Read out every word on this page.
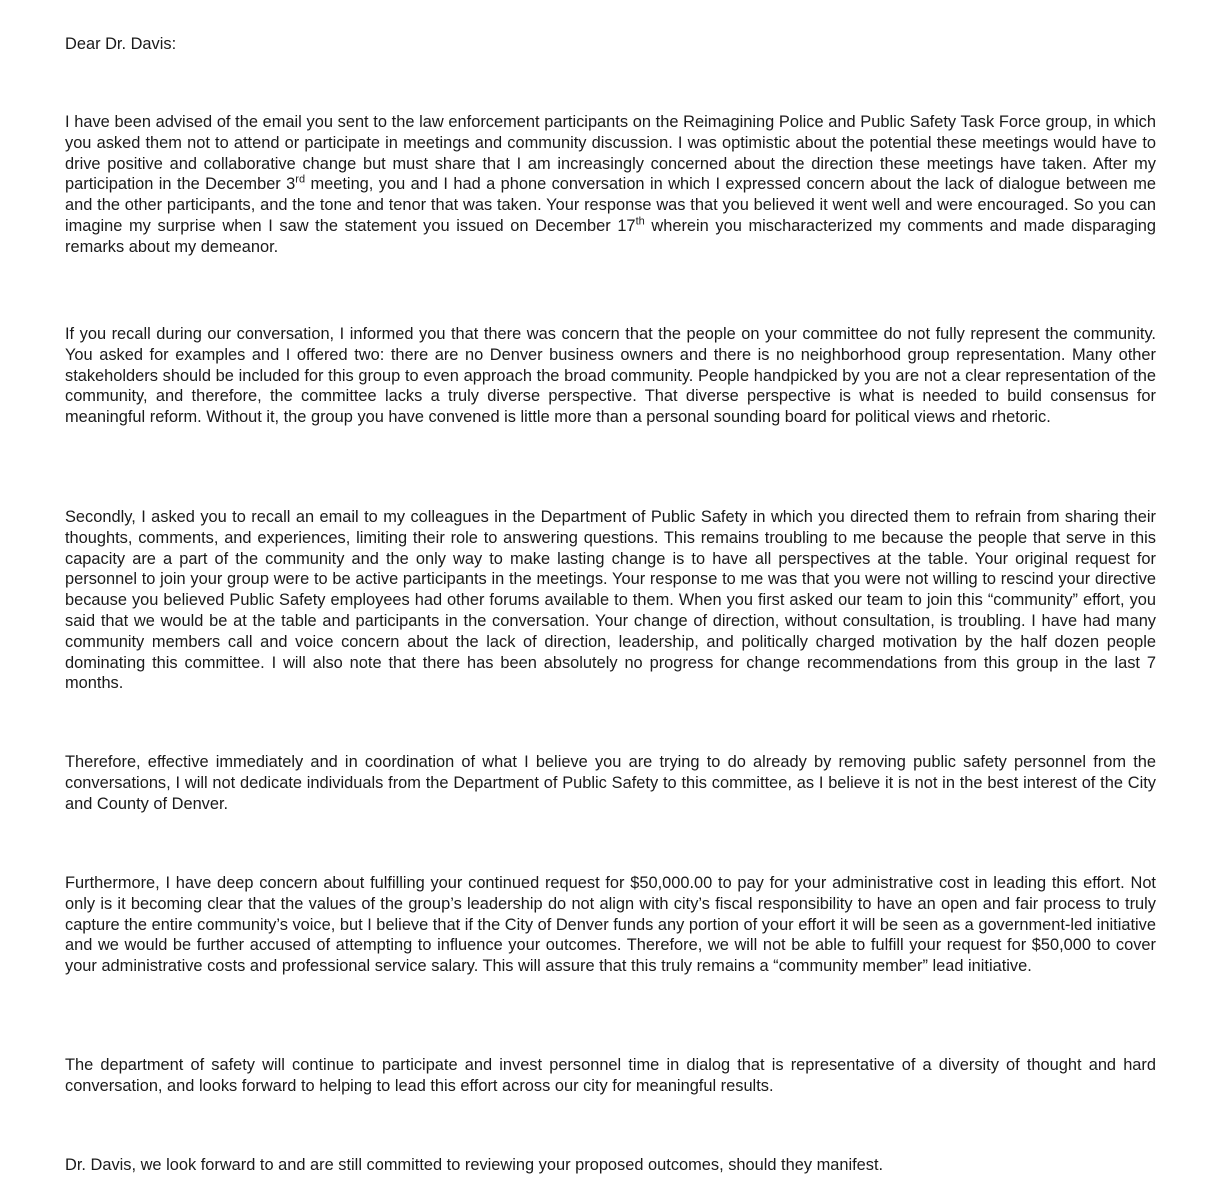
Dear Dr. Davis:

I have been advised of the email you sent to the law enforcement participants on the Reimagining Police and Public Safety Task Force group, in which you asked them not to attend or participate in meetings and community discussion. I was optimistic about the potential these meetings would have to drive positive and collaborative change but must share that I am increasingly concerned about the direction these meetings have taken. After my participation in the December 3rd meeting, you and I had a phone conversation in which I expressed concern about the lack of dialogue between me and the other participants, and the tone and tenor that was taken. Your response was that you believed it went well and were encouraged. So you can imagine my surprise when I saw the statement you issued on December 17th wherein you mischaracterized my comments and made disparaging remarks about my demeanor.

If you recall during our conversation, I informed you that there was concern that the people on your committee do not fully represent the community. You asked for examples and I offered two: there are no Denver business owners and there is no neighborhood group representation. Many other stakeholders should be included for this group to even approach the broad community. People handpicked by you are not a clear representation of the community, and therefore, the committee lacks a truly diverse perspective. That diverse perspective is what is needed to build consensus for meaningful reform. Without it, the group you have convened is little more than a personal sounding board for political views and rhetoric.

Secondly, I asked you to recall an email to my colleagues in the Department of Public Safety in which you directed them to refrain from sharing their thoughts, comments, and experiences, limiting their role to answering questions. This remains troubling to me because the people that serve in this capacity are a part of the community and the only way to make lasting change is to have all perspectives at the table. Your original request for personnel to join your group were to be active participants in the meetings. Your response to me was that you were not willing to rescind your directive because you believed Public Safety employees had other forums available to them. When you first asked our team to join this “community” effort, you said that we would be at the table and participants in the conversation. Your change of direction, without consultation, is troubling. I have had many community members call and voice concern about the lack of direction, leadership, and politically charged motivation by the half dozen people dominating this committee. I will also note that there has been absolutely no progress for change recommendations from this group in the last 7 months.

Therefore, effective immediately and in coordination of what I believe you are trying to do already by removing public safety personnel from the conversations, I will not dedicate individuals from the Department of Public Safety to this committee, as I believe it is not in the best interest of the City and County of Denver.

Furthermore, I have deep concern about fulfilling your continued request for $50,000.00 to pay for your administrative cost in leading this effort. Not only is it becoming clear that the values of the group’s leadership do not align with city’s fiscal responsibility to have an open and fair process to truly capture the entire community’s voice, but I believe that if the City of Denver funds any portion of your effort it will be seen as a government-led initiative and we would be further accused of attempting to influence your outcomes. Therefore, we will not be able to fulfill your request for $50,000 to cover your administrative costs and professional service salary. This will assure that this truly remains a “community member” lead initiative.

The department of safety will continue to participate and invest personnel time in dialog that is representative of a diversity of thought and hard conversation, and looks forward to helping to lead this effort across our city for meaningful results.

Dr. Davis, we look forward to and are still committed to reviewing your proposed outcomes, should they manifest.
